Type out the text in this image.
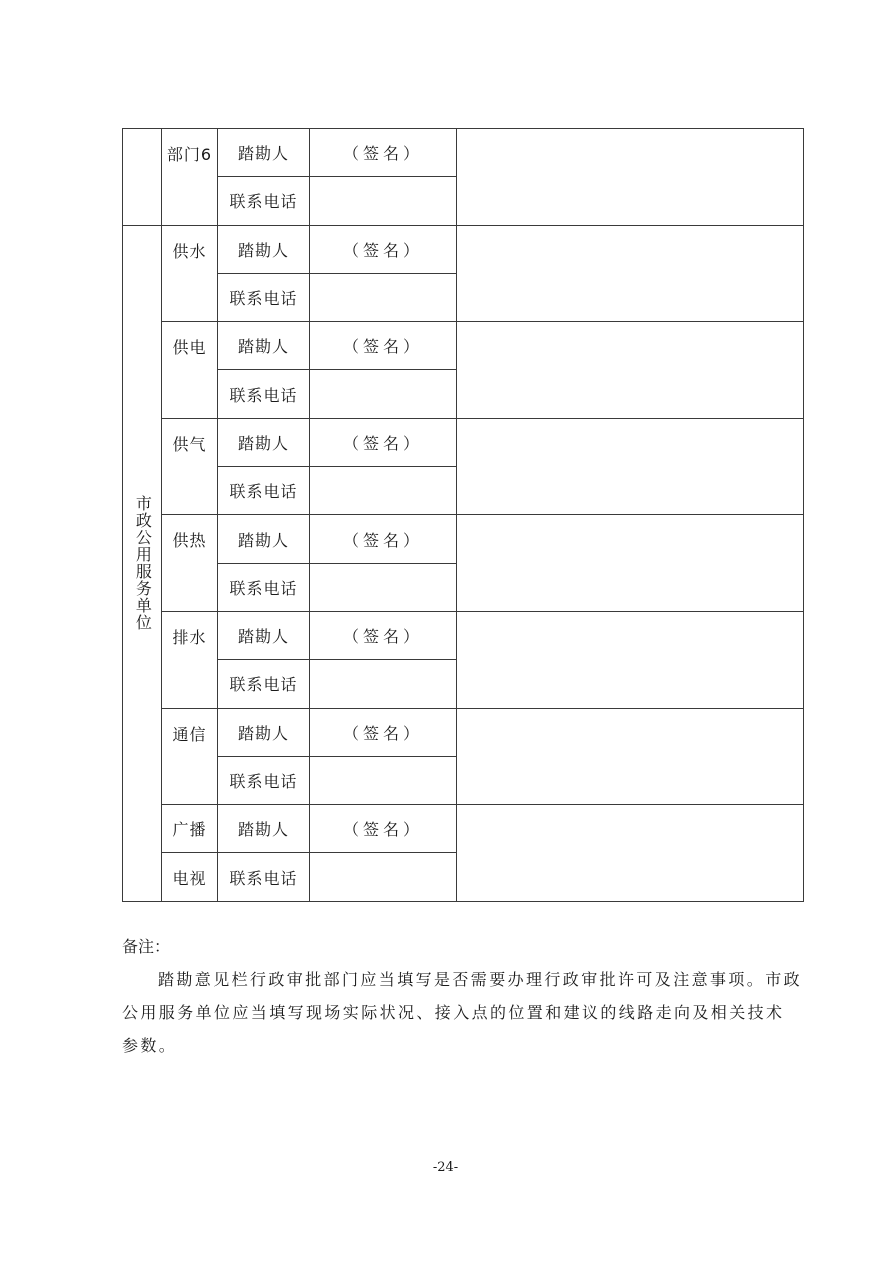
	部门6	踏勘人	（签名）	
		联系电话		
市政公用服务单位	供水	踏勘人	（签名）	
		联系电话		
	供电	踏勘人	（签名）	
		联系电话		
	供气	踏勘人	（签名）	
		联系电话		
	供热	踏勘人	（签名）	
		联系电话		
	排水	踏勘人	（签名）	
		联系电话		
	通信	踏勘人	（签名）	
		联系电话		
	广播	踏勘人	（签名）	
	电视	联系电话		

备注：

踏勘意见栏行政审批部门应当填写是否需要办理行政审批许可及注意事项。市政公用服务单位应当填写现场实际状况、接入点的位置和建议的线路走向及相关技术参数。

-24-
